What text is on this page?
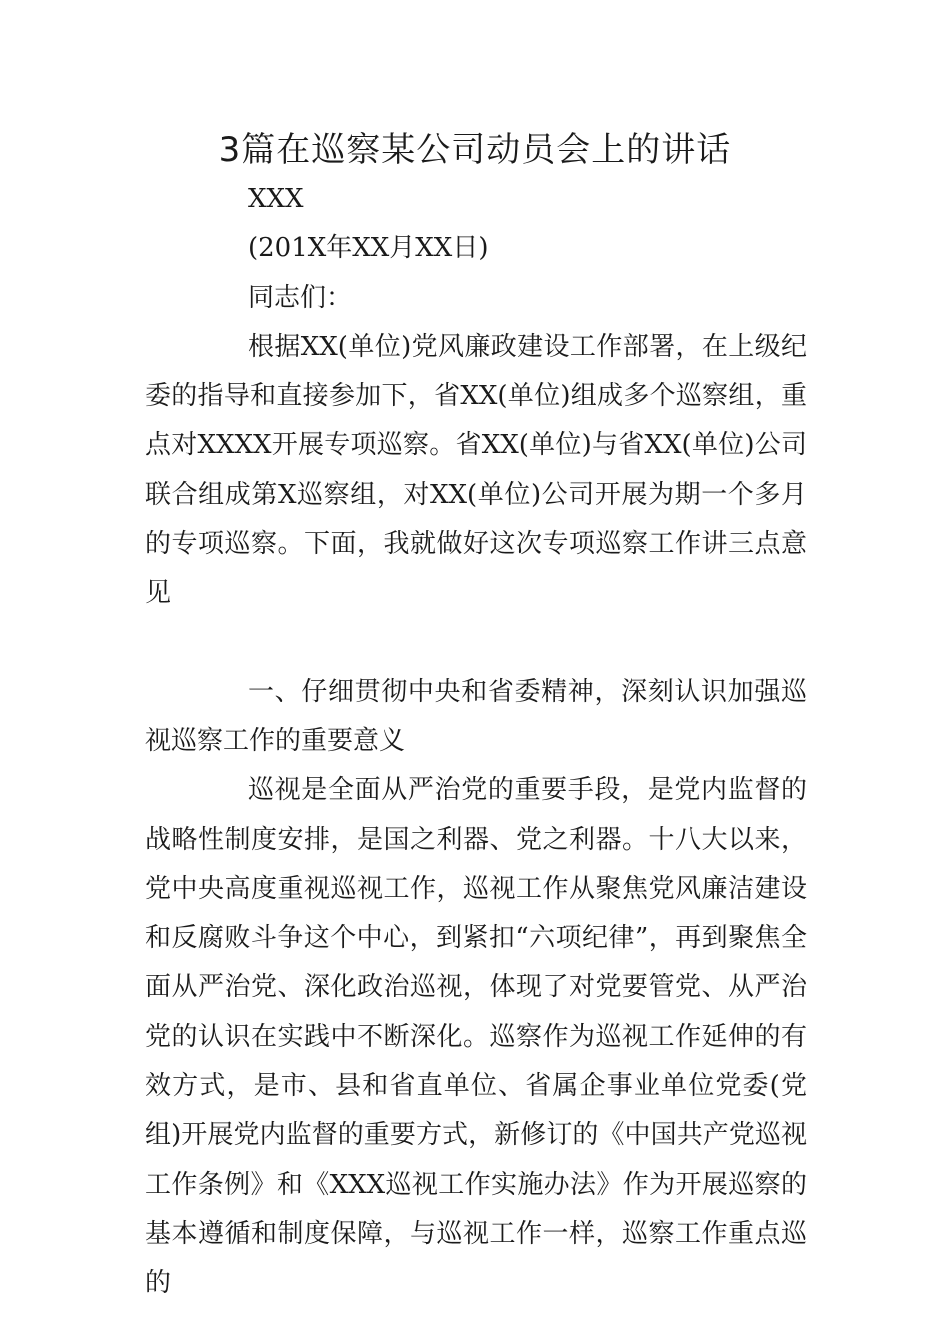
3篇在巡察某公司动员会上的讲话

XXX

(201X年XX月XX日)

同志们：

根据XX(单位)党风廉政建设工作部署，在上级纪委的指导和直接参加下，省XX(单位)组成多个巡察组，重点对XXXX开展专项巡察。省XX(单位)与省XX(单位)公司联合组成第X巡察组，对XX(单位)公司开展为期一个多月的专项巡察。下面，我就做好这次专项巡察工作讲三点意见

一、仔细贯彻中央和省委精神，深刻认识加强巡视巡察工作的重要意义

巡视是全面从严治党的重要手段，是党内监督的战略性制度安排，是国之利器、党之利器。十八大以来，党中央高度重视巡视工作，巡视工作从聚焦党风廉洁建设和反腐败斗争这个中心，到紧扣“六项纪律”，再到聚焦全面从严治党、深化政治巡视，体现了对党要管党、从严治党的认识在实践中不断深化。巡察作为巡视工作延伸的有效方式，是市、县和省直单位、省属企事业单位党委(党组)开展党内监督的重要方式，新修订的《中国共产党巡视工作条例》和《XXX巡视工作实施办法》作为开展巡察的基本遵循和制度保障，与巡视工作一样，巡察工作重点巡的
